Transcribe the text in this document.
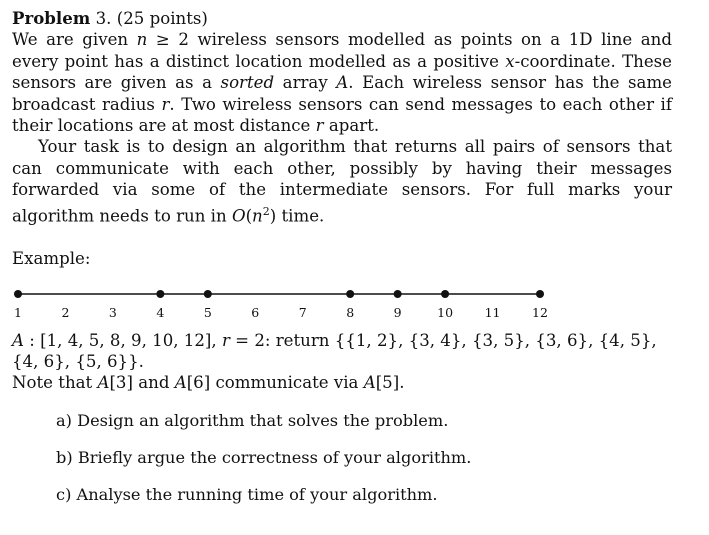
Problem 3. (25 points)

We are given n ≥ 2 wireless sensors modelled as points on a 1D line and every point has a distinct location modelled as a positive x-coordinate. These sensors are given as a sorted array A. Each wireless sensor has the same broadcast radius r. Two wireless sensors can send messages to each other if their locations are at most distance r apart.

Your task is to design an algorithm that returns all pairs of sensors that can communicate with each other, possibly by having their messages forwarded via some of the intermediate sensors. For full marks your algorithm needs to run in $O(n^2)$ time.

Example:
1	2	3	4	5	6	7	8	9	10	11	12
A : [1, 4, 5, 8, 9, 10, 12], r = 2: return {{1, 2}, {3, 4}, {3, 5}, {3, 6}, {4, 5}, {4, 6}, {5, 6}}.
Note that A[3] and A[6] communicate via A[5].
a) Design an algorithm that solves the problem.
b) Briefly argue the correctness of your algorithm.
c) Analyse the running time of your algorithm.
